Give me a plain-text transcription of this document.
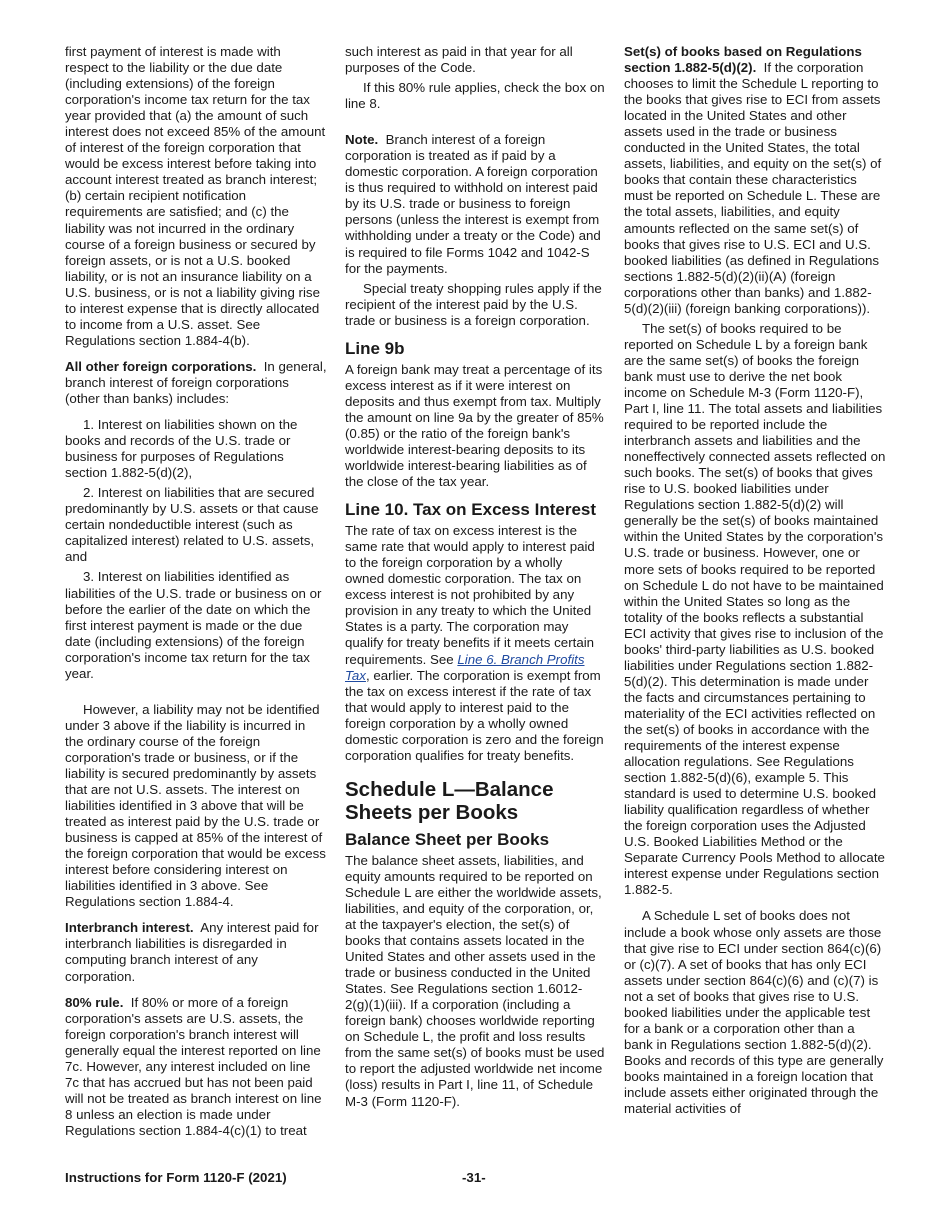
first payment of interest is made with respect to the liability or the due date (including extensions) of the foreign corporation's income tax return for the tax year provided that (a) the amount of such interest does not exceed 85% of the amount of interest of the foreign corporation that would be excess interest before taking into account interest treated as branch interest; (b) certain recipient notification requirements are satisfied; and (c) the liability was not incurred in the ordinary course of a foreign business or secured by foreign assets, or is not a U.S. booked liability, or is not an insurance liability on a U.S. business, or is not a liability giving rise to interest expense that is directly allocated to income from a U.S. asset. See Regulations section 1.884-4(b).

All other foreign corporations. In general, branch interest of foreign corporations (other than banks) includes:

1. Interest on liabilities shown on the books and records of the U.S. trade or business for purposes of Regulations section 1.882-5(d)(2),

2. Interest on liabilities that are secured predominantly by U.S. assets or that cause certain nondeductible interest (such as capitalized interest) related to U.S. assets, and

3. Interest on liabilities identified as liabilities of the U.S. trade or business on or before the earlier of the date on which the first interest payment is made or the due date (including extensions) of the foreign corporation's income tax return for the tax year.

However, a liability may not be identified under 3 above if the liability is incurred in the ordinary course of the foreign corporation's trade or business, or if the liability is secured predominantly by assets that are not U.S. assets. The interest on liabilities identified in 3 above that will be treated as interest paid by the U.S. trade or business is capped at 85% of the interest of the foreign corporation that would be excess interest before considering interest on liabilities identified in 3 above. See Regulations section 1.884-4.

Interbranch interest. Any interest paid for interbranch liabilities is disregarded in computing branch interest of any corporation.

80% rule. If 80% or more of a foreign corporation's assets are U.S. assets, the foreign corporation's branch interest will generally equal the interest reported on line 7c. However, any interest included on line 7c that has accrued but has not been paid will not be treated as branch interest on line 8 unless an election is made under Regulations section 1.884-4(c)(1) to treat

such interest as paid in that year for all purposes of the Code.

If this 80% rule applies, check the box on line 8.

Note. Branch interest of a foreign corporation is treated as if paid by a domestic corporation. A foreign corporation is thus required to withhold on interest paid by its U.S. trade or business to foreign persons (unless the interest is exempt from withholding under a treaty or the Code) and is required to file Forms 1042 and 1042-S for the payments.

Special treaty shopping rules apply if the recipient of the interest paid by the U.S. trade or business is a foreign corporation.

Line 9b

A foreign bank may treat a percentage of its excess interest as if it were interest on deposits and thus exempt from tax. Multiply the amount on line 9a by the greater of 85% (0.85) or the ratio of the foreign bank's worldwide interest-bearing deposits to its worldwide interest-bearing liabilities as of the close of the tax year.

Line 10. Tax on Excess Interest

The rate of tax on excess interest is the same rate that would apply to interest paid to the foreign corporation by a wholly owned domestic corporation. The tax on excess interest is not prohibited by any provision in any treaty to which the United States is a party. The corporation may qualify for treaty benefits if it meets certain requirements. See Line 6. Branch Profits Tax, earlier. The corporation is exempt from the tax on excess interest if the rate of tax that would apply to interest paid to the foreign corporation by a wholly owned domestic corporation is zero and the foreign corporation qualifies for treaty benefits.

Schedule L—Balance Sheets per Books
Balance Sheet per Books

The balance sheet assets, liabilities, and equity amounts required to be reported on Schedule L are either the worldwide assets, liabilities, and equity of the corporation, or, at the taxpayer's election, the set(s) of books that contains assets located in the United States and other assets used in the trade or business conducted in the United States. See Regulations section 1.6012-2(g)(1)(iii). If a corporation (including a foreign bank) chooses worldwide reporting on Schedule L, the profit and loss results from the same set(s) of books must be used to report the adjusted worldwide net income (loss) results in Part I, line 11, of Schedule M-3 (Form 1120-F).

Set(s) of books based on Regulations section 1.882-5(d)(2). If the corporation chooses to limit the Schedule L reporting to the books that gives rise to ECI from assets located in the United States and other assets used in the trade or business conducted in the United States, the total assets, liabilities, and equity on the set(s) of books that contain these characteristics must be reported on Schedule L. These are the total assets, liabilities, and equity amounts reflected on the same set(s) of books that gives rise to U.S. ECI and U.S. booked liabilities (as defined in Regulations sections 1.882-5(d)(2)(ii)(A) (foreign corporations other than banks) and 1.882-5(d)(2)(iii) (foreign banking corporations)).

The set(s) of books required to be reported on Schedule L by a foreign bank are the same set(s) of books the foreign bank must use to derive the net book income on Schedule M-3 (Form 1120-F), Part I, line 11. The total assets and liabilities required to be reported include the interbranch assets and liabilities and the noneffectively connected assets reflected on such books. The set(s) of books that gives rise to U.S. booked liabilities under Regulations section 1.882-5(d)(2) will generally be the set(s) of books maintained within the United States by the corporation's U.S. trade or business. However, one or more sets of books required to be reported on Schedule L do not have to be maintained within the United States so long as the totality of the books reflects a substantial ECI activity that gives rise to inclusion of the books' third-party liabilities as U.S. booked liabilities under Regulations section 1.882-5(d)(2). This determination is made under the facts and circumstances pertaining to materiality of the ECI activities reflected on the set(s) of books in accordance with the requirements of the interest expense allocation regulations. See Regulations section 1.882-5(d)(6), example 5. This standard is used to determine U.S. booked liability qualification regardless of whether the foreign corporation uses the Adjusted U.S. Booked Liabilities Method or the Separate Currency Pools Method to allocate interest expense under Regulations section 1.882-5.

A Schedule L set of books does not include a book whose only assets are those that give rise to ECI under section 864(c)(6) or (c)(7). A set of books that has only ECI assets under section 864(c)(6) and (c)(7) is not a set of books that gives rise to U.S. booked liabilities under the applicable test for a bank or a corporation other than a bank in Regulations section 1.882-5(d)(2). Books and records of this type are generally books maintained in a foreign location that include assets either originated through the material activities of

Instructions for Form 1120-F (2021)	-31-
